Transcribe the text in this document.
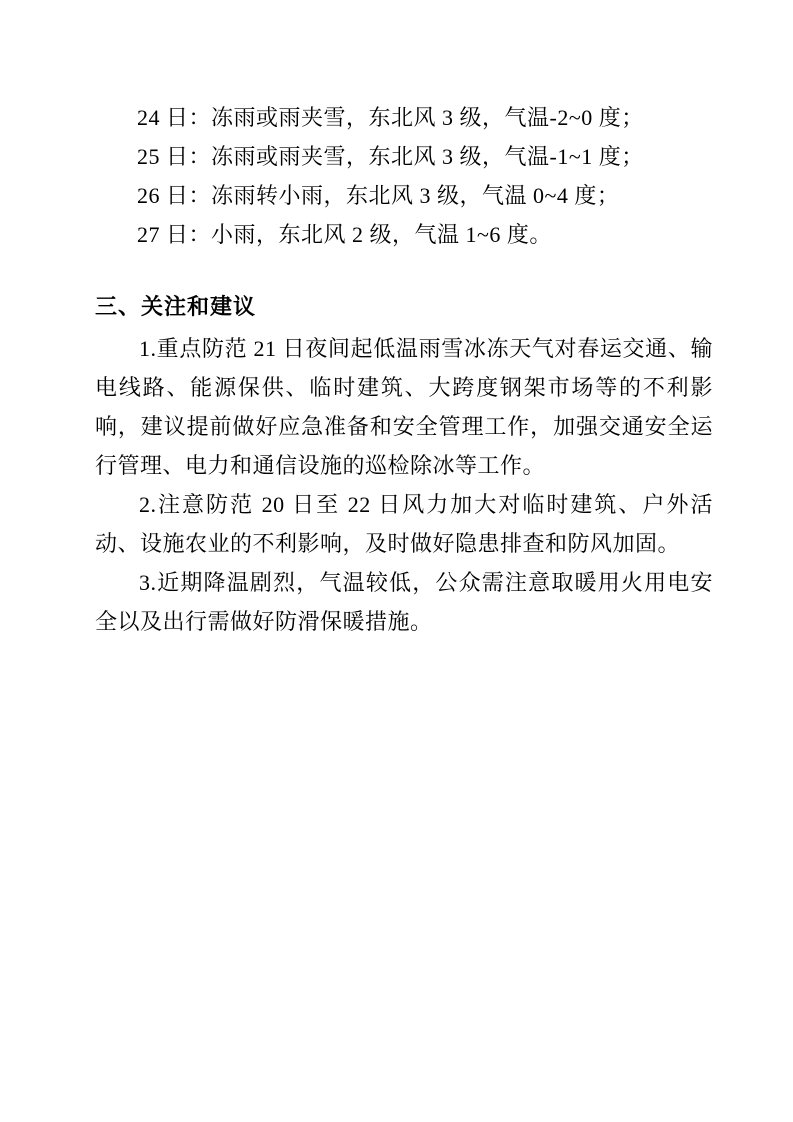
24 日：冻雨或雨夹雪，东北风 3 级，气温-2~0 度；
25 日：冻雨或雨夹雪，东北风 3 级，气温-1~1 度；
26 日：冻雨转小雨，东北风 3 级，气温 0~4 度；
27 日：小雨，东北风 2 级，气温 1~6 度。
三、关注和建议

1.重点防范 21 日夜间起低温雨雪冰冻天气对春运交通、输电线路、能源保供、临时建筑、大跨度钢架市场等的不利影响，建议提前做好应急准备和安全管理工作，加强交通安全运行管理、电力和通信设施的巡检除冰等工作。

2.注意防范 20 日至 22 日风力加大对临时建筑、户外活动、设施农业的不利影响，及时做好隐患排查和防风加固。

3.近期降温剧烈，气温较低，公众需注意取暖用火用电安全以及出行需做好防滑保暖措施。
